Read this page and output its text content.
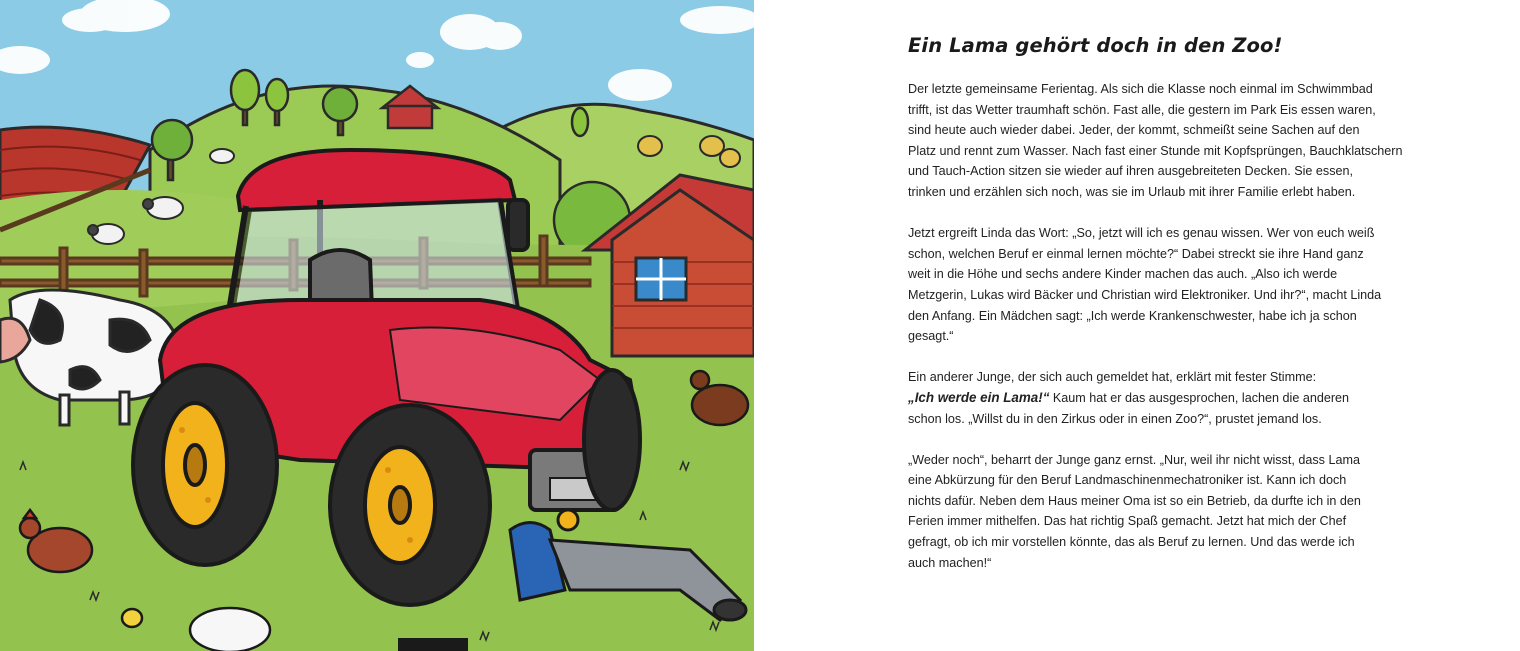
Ein Lama gehört doch in den Zoo!

Der letzte gemeinsame Ferientag. Als sich die Klasse noch einmal im Schwimmbad
trifft, ist das Wetter traumhaft schön. Fast alle, die gestern im Park Eis essen waren,
sind heute auch wieder dabei. Jeder, der kommt, schmeißt seine Sachen auf den
Platz und rennt zum Wasser. Nach fast einer Stunde mit Kopfsprüngen, Bauchklatschern
und Tauch-Action sitzen sie wieder auf ihren ausgebreiteten Decken. Sie essen,
trinken und erzählen sich noch, was sie im Urlaub mit ihrer Familie erlebt haben.

Jetzt ergreift Linda das Wort: „So, jetzt will ich es genau wissen. Wer von euch weiß
schon, welchen Beruf er einmal lernen möchte?“ Dabei streckt sie ihre Hand ganz
weit in die Höhe und sechs andere Kinder machen das auch. „Also ich werde
Metzgerin, Lukas wird Bäcker und Christian wird Elektroniker. Und ihr?“, macht Linda
den Anfang. Ein Mädchen sagt: „Ich werde Krankenschwester, habe ich ja schon
gesagt.“

Ein anderer Junge, der sich auch gemeldet hat, erklärt mit fester Stimme:
„Ich werde ein Lama!“ Kaum hat er das ausgesprochen, lachen die anderen
schon los. „Willst du in den Zirkus oder in einen Zoo?“, prustet jemand los.

„Weder noch“, beharrt der Junge ganz ernst. „Nur, weil ihr nicht wisst, dass Lama
eine Abkürzung für den Beruf Landmaschinenmechatroniker ist. Kann ich doch
nichts dafür. Neben dem Haus meiner Oma ist so ein Betrieb, da durfte ich in den
Ferien immer mithelfen. Das hat richtig Spaß gemacht. Jetzt hat mich der Chef
gefragt, ob ich mir vorstellen könnte, das als Beruf zu lernen. Und das werde ich
auch machen!“
